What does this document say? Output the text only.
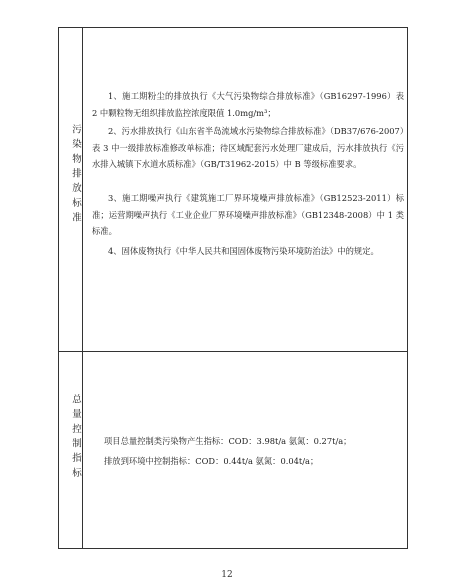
污染物排放标准
1、施工期粉尘的排放执行《大气污染物综合排放标准》（GB16297-1996）表 2 中颗粒物无组织排放监控浓度限值 1.0mg/m³；
2、污水排放执行《山东省半岛流域水污染物综合排放标准》（DB37/676-2007）表 3 中一级排放标准修改单标准；待区域配套污水处理厂建成后，污水排放执行《污水排入城镇下水道水质标准》（GB/T31962-2015）中 B 等级标准要求。
3、施工期噪声执行《建筑施工厂界环境噪声排放标准》（GB12523-2011）标准；运营期噪声执行《工业企业厂界环境噪声排放标准》（GB12348-2008）中 1 类标准。
4、固体废物执行《中华人民共和国固体废物污染环境防治法》中的规定。
总量控制指标	项目总量控制类污染物产生指标：COD：3.98t/a 氨氮：0.27t/a；
排放到环境中控制指标：COD：0.44t/a 氨氮：0.04t/a；
12
